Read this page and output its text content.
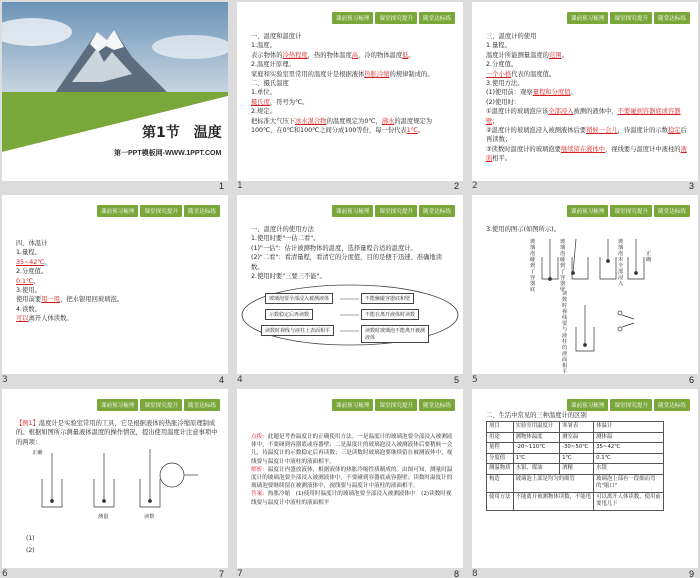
第1节　温度
第一PPT模板网-WWW.1PPT.COM
1
课前预习梳理	课堂探究提升	随堂达标练
一、温度和温度计
1.温度。
表示物体的冷热程度，热的物体温度高，冷的物体温度低。
2.温度计原理。
家庭和实验室里常用的温度计是根据液体热胀冷缩的规律制成的。
二、摄氏温度
1.单位。
摄氏度，符号为℃。
2.规定。
把标准大气压下冰水混合物的温度规定为0℃，沸水的温度规定为100℃，在0℃和100℃之间分成100等份，每一份代表1℃。
1	2
课前预习梳理	课堂探究提升	随堂达标练
三、温度计的使用
1.量程。
温度计所能测量温度的范围。
2.分度值。
一个小格代表的温度值。
3.使用方法。
(1)使用前：观察量程和分度值。
(2)使用时：
①温度计的玻璃泡应该全部浸入被测的液体中，不要碰到容器底或容器壁；
②温度计的玻璃泡浸入被测液体后要稍候一会儿，待温度计的示数稳定后再读数；
③读数时温度计的玻璃泡要继续留在液体中，视线要与温度计中液柱的液面相平。
2	3
课前预习梳理	课堂探究提升	随堂达标练
四、体温计
1.量程。
35~42℃。
2.分度值。
0.1℃。
3.使用。
使用前要甩一甩，把水银甩回玻璃泡。
4.读数。
可以离开人体读数。
3	4
课前预习梳理	课堂探究提升	随堂达标练
一、温度计的使用方法
1.使用时要"一估二看"。
(1)"一估"：估计被测物体的温度，选择量程合适的温度计。
(2)"二看"：看清量程，看清它的分度值，目的是便于迅速、准确地读数。
2.使用时要"三要三不能"。
玻璃泡要全部浸入被测液体
示数稳定后再读数
读数时视线与液柱上表面相平
不能触碰容器底和壁
不能在离开液体时读数
读数时玻璃泡不能离开被测液体
4	5
课前预习梳理	课堂探究提升	随堂达标练
3.使用的图示(如图所示)。
玻璃泡碰到了容器底
玻璃泡碰到了容器壁
玻璃泡未全部浸入
正确
读数时视线要与液柱的液面相平
5	6
课前预习梳理	课堂探究提升	随堂达标练
【例1】温度计是实验室常用的工具，它是根据液体的热胀冷缩原理制成的。根据如图所示测量液体温度的操作情况，提出使用温度计注意事项中的两项：
正确
测量	读数
(1)
(2)
6	7
课前预习梳理	课堂探究提升	随堂达标练
点拨：此题是考查温度计的正确使用方法。一是温度计的玻璃泡要全部浸入被测液体中，不要碰到容器底或容器壁；二是温度计的玻璃泡浸入被测液体后要稍候一会儿，待温度计的示数稳定后再读数；三是读数时玻璃泡要继续留在被测液体中，视线要与温度计中液柱的液面相平。
解析：温度计内盛放液体，根据液体的热胀冷缩性质制成的。由图可知，测量时温度计的玻璃泡要全部浸入被测液体中，不要碰到容器底或容器壁；读数时温度计的玻璃泡要继续留在被测液体中，视线要与温度计中液柱的液面相平。
答案：热胀冷缩　(1)使用时温度计的玻璃泡要全部浸入被测液体中　(2)读数时视线要与温度计中液柱的液面相平
7	8
课前预习梳理	课堂探究提升	随堂达标练
二、生活中常见的三种温度计的区别
项目	实验室用温度计	寒暑表	体温计
用途	测物体温度	测室温	测体温
量程	-20~110℃	-30~50℃	35~42℃
分度值	1℃	1℃	0.1℃
测温物质	水银、煤油	酒精	水银
构造	玻璃泡上部是均匀的细管		玻璃泡上部有一段细而弯的"缩口"
使用方法	不能离开被测物体读数，不能甩		可以离开人体读数，使用前要甩几下
8	9
